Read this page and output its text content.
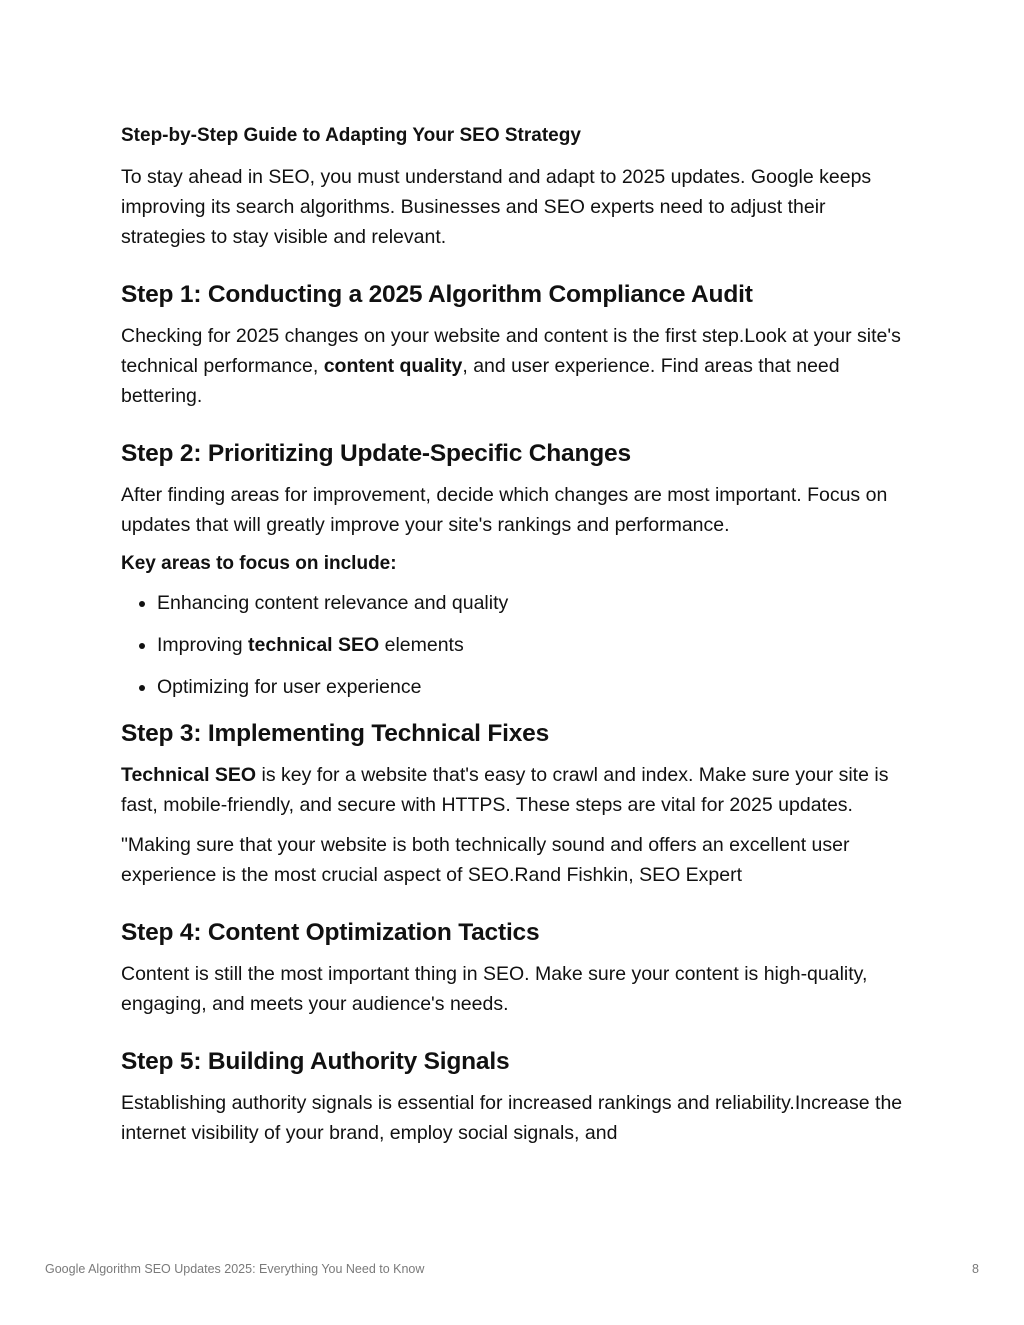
Step-by-Step Guide to Adapting Your SEO Strategy

To stay ahead in SEO, you must understand and adapt to 2025 updates. Google keeps improving its search algorithms. Businesses and SEO experts need to adjust their strategies to stay visible and relevant.

Step 1: Conducting a 2025 Algorithm Compliance Audit

Checking for 2025 changes on your website and content is the first step.Look at your site's technical performance, content quality, and user experience. Find areas that need bettering.

Step 2: Prioritizing Update-Specific Changes

After finding areas for improvement, decide which changes are most important. Focus on updates that will greatly improve your site's rankings and performance.

Key areas to focus on include:
• Enhancing content relevance and quality
• Improving technical SEO elements
• Optimizing for user experience
Step 3: Implementing Technical Fixes

Technical SEO is key for a website that's easy to crawl and index. Make sure your site is fast, mobile-friendly, and secure with HTTPS. These steps are vital for 2025 updates.

"Making sure that your website is both technically sound and offers an excellent user experience is the most crucial aspect of SEO.Rand Fishkin, SEO Expert

Step 4: Content Optimization Tactics

Content is still the most important thing in SEO. Make sure your content is high-quality, engaging, and meets your audience's needs.

Step 5: Building Authority Signals

Establishing authority signals is essential for increased rankings and reliability.Increase the internet visibility of your brand, employ social signals, and

Google Algorithm SEO Updates 2025: Everything You Need to Know	8
